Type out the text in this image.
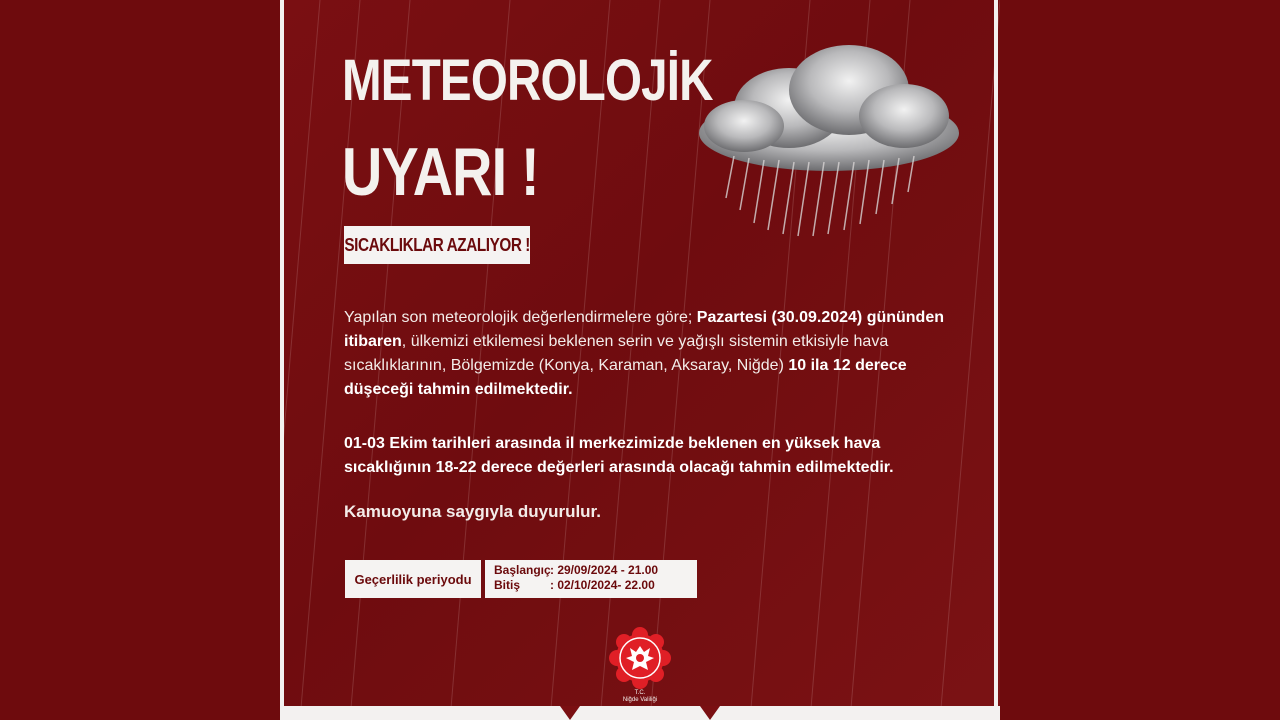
METEOROLOJİK
UYARI !
SICAKLIKLAR AZALIYOR !
Yapılan son meteorolojik değerlendirmelere göre; Pazartesi (30.09.2024) gününden itibaren, ülkemizi etkilemesi beklenen serin ve yağışlı sistemin etkisiyle hava sıcaklıklarının, Bölgemizde (Konya, Karaman, Aksaray, Niğde) 10 ila 12 derece düşeceği tahmin edilmektedir.
01-03 Ekim tarihleri arasında il merkezimizde beklenen en yüksek hava sıcaklığının 18-22 derece değerleri arasında olacağı tahmin edilmektedir.
Kamuoyuna saygıyla duyurulur.
Geçerlilik periyodu
Başlangıç : 29/09/2024 - 21.00
Bitiş	: 02/10/2024- 22.00
T.C.
Niğde Valiliği
